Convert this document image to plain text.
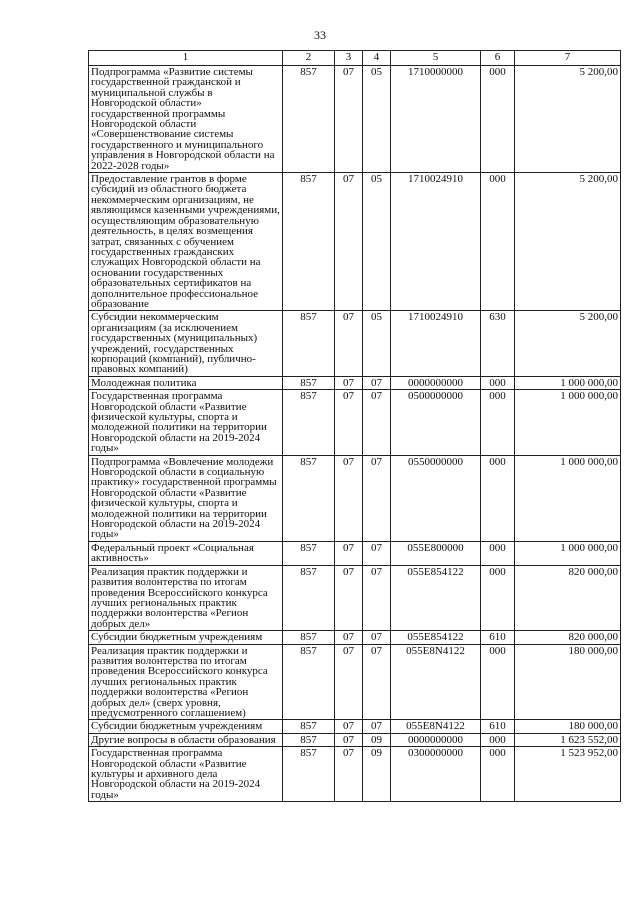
33
1	2	3	4	5	6	7
Подпрограмма «Развитие системы государственной гражданской и муниципальной службы в Новгородской области» государственной программы Новгородской области «Совершенствование системы государственного и муниципального управления в Новгородской области на 2022-2028 годы»	857	07	05	1710000000	000	5 200,00
Предоставление грантов в форме субсидий из областного бюджета некоммерческим организациям, не являющимся казенными учреждениями, осуществляющим образовательную деятельность, в целях возмещения затрат, связанных с обучением государственных гражданских служащих Новгородской области на основании государственных образовательных сертификатов на дополнительное профессиональное образование	857	07	05	1710024910	000	5 200,00
Субсидии некоммерческим организациям (за исключением государственных (муниципальных) учреждений, государственных корпораций (компаний), публично-правовых компаний)	857	07	05	1710024910	630	5 200,00
Молодежная политика	857	07	07	0000000000	000	1 000 000,00
Государственная программа Новгородской области «Развитие физической культуры, спорта и молодежной политики на территории Новгородской области на 2019-2024 годы»	857	07	07	0500000000	000	1 000 000,00
Подпрограмма «Вовлечение молодежи Новгородской области в социальную практику» государственной программы Новгородской области «Развитие физической культуры, спорта и молодежной политики на территории Новгородской области на 2019-2024 годы»	857	07	07	0550000000	000	1 000 000,00
Федеральный проект «Социальная активность»	857	07	07	055E800000	000	1 000 000,00
Реализация практик поддержки и развития волонтерства по итогам проведения Всероссийского конкурса лучших региональных практик поддержки волонтерства «Регион добрых дел»	857	07	07	055E854122	000	820 000,00
Субсидии бюджетным учреждениям	857	07	07	055E854122	610	820 000,00
Реализация практик поддержки и развития волонтерства по итогам проведения Всероссийского конкурса лучших региональных практик поддержки волонтерства «Регион добрых дел» (сверх уровня, предусмотренного соглашением)	857	07	07	055E8N4122	000	180 000,00
Субсидии бюджетным учреждениям	857	07	07	055E8N4122	610	180 000,00
Другие вопросы в области образования	857	07	09	0000000000	000	1 623 552,00
Государственная программа Новгородской области «Развитие культуры и архивного дела Новгородской области на 2019-2024 годы»	857	07	09	0300000000	000	1 523 952,00
